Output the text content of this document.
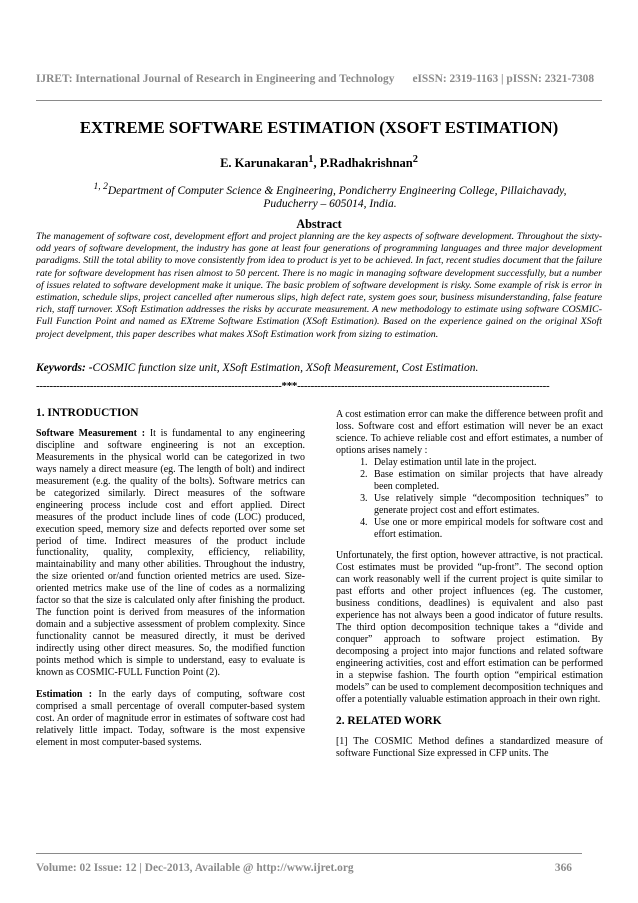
IJRET: International Journal of Research in Engineering and Technology eISSN: 2319-1163 | pISSN: 2321-7308
EXTREME SOFTWARE ESTIMATION (XSOFT ESTIMATION)
E. Karunakaran$^1$, P.Radhakrishnan$^2$
$^{1, 2}$Department of Computer Science & Engineering, Pondicherry Engineering College, Pillaichavady,
Puducherry – 605014, India.
Abstract
The management of software cost, development effort and project planning are the key aspects of software development. Throughout the sixty-odd years of software development, the industry has gone at least four generations of programming languages and three major development paradigms. Still the total ability to move consistently from idea to product is yet to be achieved. In fact, recent studies document that the failure rate for software development has risen almost to 50 percent. There is no magic in managing software development successfully, but a number of issues related to software development make it unique. The basic problem of software development is risky. Some example of risk is error in estimation, schedule slips, project cancelled after numerous slips, high defect rate, system goes sour, business misunderstanding, false feature rich, staff turnover. XSoft Estimation addresses the risks by accurate measurement. A new methodology to estimate using software COSMIC-Full Function Point and named as EXtreme Software Estimation (XSoft Estimation). Based on the experience gained on the original XSoft project develpment, this paper describes what makes XSoft Estimation work from sizing to estimation.
Keywords: -COSMIC function size unit, XSoft Estimation, XSoft Measurement, Cost Estimation.
-------------------------------------------------------------------------***---------------------------------------------------------------------------
1. INTRODUCTION

Software Measurement : It is fundamental to any engineering discipline and software engineering is not an exception. Measurements in the physical world can be categorized in two ways namely a direct measure (eg. The length of bolt) and indirect measurement (e.g. the quality of the bolts). Software metrics can be categorized similarly. Direct measures of the software engineering process include cost and effort applied. Direct measures of the product include lines of code (LOC) produced, execution speed, memory size and defects reported over some set period of time. Indirect measures of the product include functionality, quality, complexity, efficiency, reliability, maintainability and many other abilities. Throughout the industry, the size oriented or/and function oriented metrics are used. Size-oriented metrics make use of the line of codes as a normalizing factor so that the size is calculated only after finishing the product. The function point is derived from measures of the information domain and a subjective assessment of problem complexity. Since functionality cannot be measured directly, it must be derived indirectly using other direct measures. So, the modified function points method which is simple to understand, easy to evaluate is known as COSMIC-FULL Function Point (2).

Estimation : In the early days of computing, software cost comprised a small percentage of overall computer-based system cost. An order of magnitude error in estimates of software cost had relatively little impact. Today, software is the most expensive element in most computer-based systems.

A cost estimation error can make the difference between profit and loss. Software cost and effort estimation will never be an exact science. To achieve reliable cost and effort estimates, a number of options arises namely :

1. Delay estimation until late in the project.
2. Base estimation on similar projects that have already been completed.
3. Use relatively simple “decomposition techniques” to generate project cost and effort estimates.
4. Use one or more empirical models for software cost and effort estimation.

Unfortunately, the first option, however attractive, is not practical. Cost estimates must be provided “up-front”. The second option can work reasonably well if the current project is quite similar to past efforts and other project influences (eg. The customer, business conditions, deadlines) is equivalent and also past experience has not always been a good indicator of future results. The third option decomposition technique takes a “divide and conquer” approach to software project estimation. By decomposing a project into major functions and related software engineering activities, cost and effort estimation can be performed in a stepwise fashion. The fourth option “empirical estimation models” can be used to complement decomposition techniques and offer a potentially valuable estimation approach in their own right.

2. RELATED WORK

[1] The COSMIC Method defines a standardized measure of software Functional Size expressed in CFP units. The

Volume: 02 Issue: 12 | Dec-2013, Available @ http://www.ijret.org	366
